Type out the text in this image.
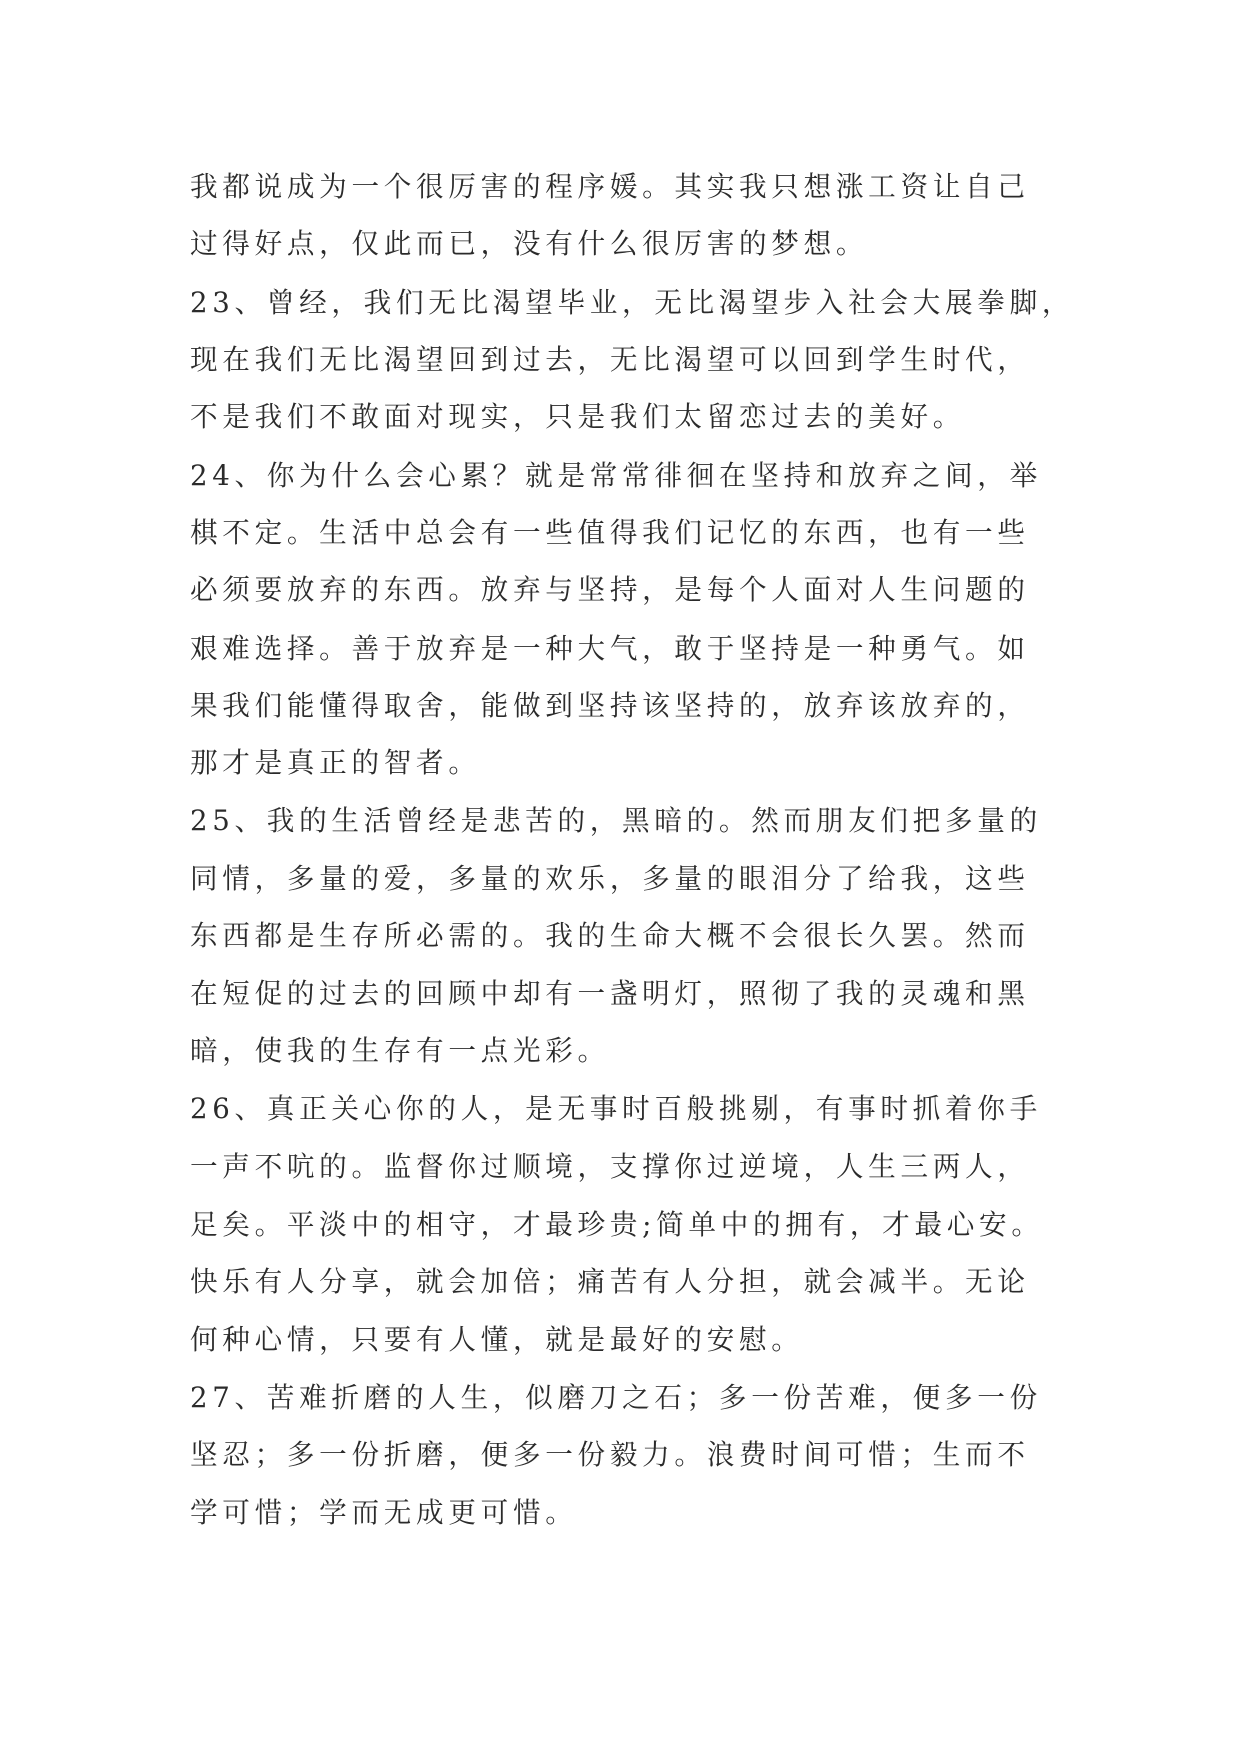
我都说成为一个很厉害的程序媛。其实我只想涨工资让自己
过得好点，仅此而已，没有什么很厉害的梦想。
23、曾经，我们无比渴望毕业，无比渴望步入社会大展拳脚，
现在我们无比渴望回到过去，无比渴望可以回到学生时代，
不是我们不敢面对现实，只是我们太留恋过去的美好。
24、你为什么会心累？就是常常徘徊在坚持和放弃之间，举
棋不定。生活中总会有一些值得我们记忆的东西，也有一些
必须要放弃的东西。放弃与坚持，是每个人面对人生问题的
艰难选择。善于放弃是一种大气，敢于坚持是一种勇气。如
果我们能懂得取舍，能做到坚持该坚持的，放弃该放弃的，
那才是真正的智者。
25、我的生活曾经是悲苦的，黑暗的。然而朋友们把多量的
同情，多量的爱，多量的欢乐，多量的眼泪分了给我，这些
东西都是生存所必需的。我的生命大概不会很长久罢。然而
在短促的过去的回顾中却有一盏明灯，照彻了我的灵魂和黑
暗，使我的生存有一点光彩。
26、真正关心你的人，是无事时百般挑剔，有事时抓着你手
一声不吭的。监督你过顺境，支撑你过逆境，人生三两人，
足矣。平淡中的相守，才最珍贵;简单中的拥有，才最心安。
快乐有人分享，就会加倍；痛苦有人分担，就会减半。无论
何种心情，只要有人懂，就是最好的安慰。
27、苦难折磨的人生，似磨刀之石；多一份苦难，便多一份
坚忍；多一份折磨，便多一份毅力。浪费时间可惜；生而不
学可惜；学而无成更可惜。
